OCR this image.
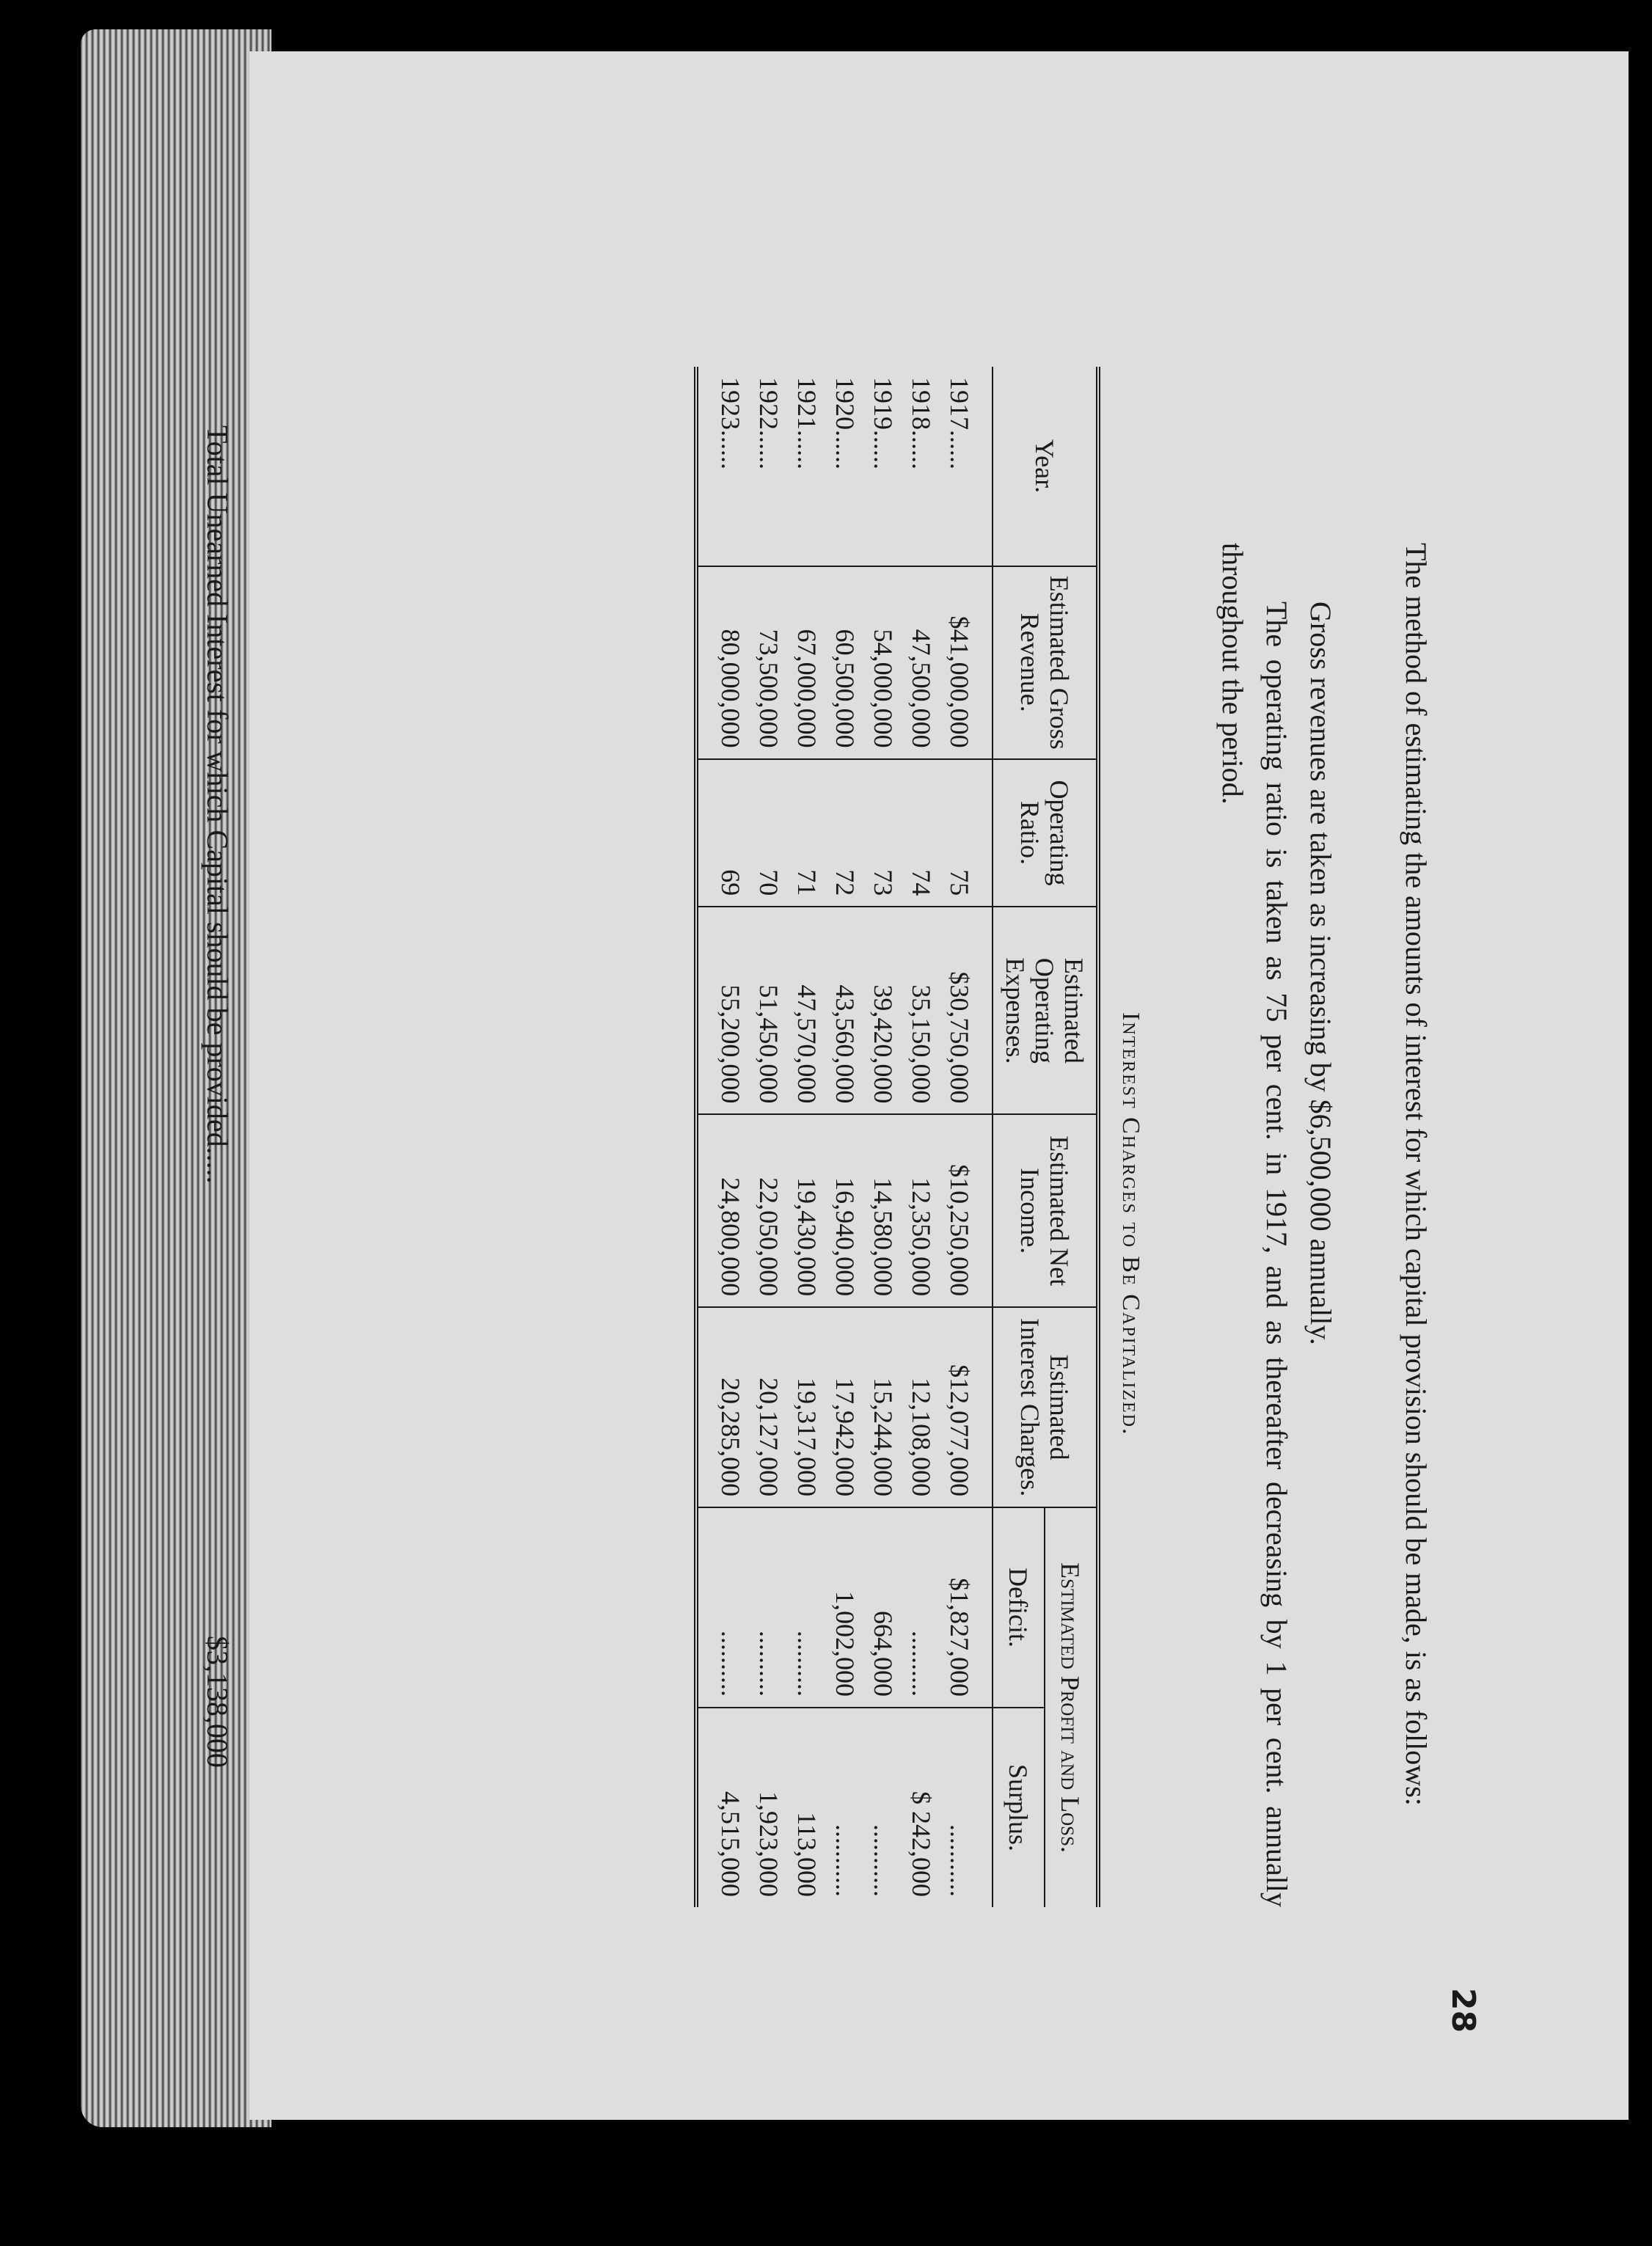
28

The method of estimating the amounts of interest for which capital provision should be made, is as follows:

Gross revenues are taken as increasing by $6,500,000 annually.

The operating ratio is taken as 75 per cent. in 1917, and as thereafter decreasing by 1 per cent. annually throughout the period.

Interest Charges to Be Capitalized.
Year.	Estimated Gross Revenue.	Operating Ratio.	Estimated Operating Expenses.	Estimated Net Income.	Estimated Interest Charges.	Estimated Profit and Loss.	
						Deficit.	Surplus.
1917......	$41,000,000	75	$30,750,000	$10,250,000	$12,077,000	$1,827,000	...........
1918......	47,500,000	74	35,150,000	12,350,000	12,108,000	..........	$ 242,000
1919......	54,000,000	73	39,420,000	14,580,000	15,244,000	664,000	...........
1920......	60,500,000	72	43,560,000	16,940,000	17,942,000	1,002,000	...........
1921......	67,000,000	71	47,570,000	19,430,000	19,317,000	..........	113,000
1922......	73,500,000	70	51,450,000	22,050,000	20,127,000	..........	1,923,000
1923......	80,000,000	69	55,200,000	24,800,000	20,285,000	..........	4,515,000
Total Unearned Interest for which Capital should be provided.....
$3,138,000
